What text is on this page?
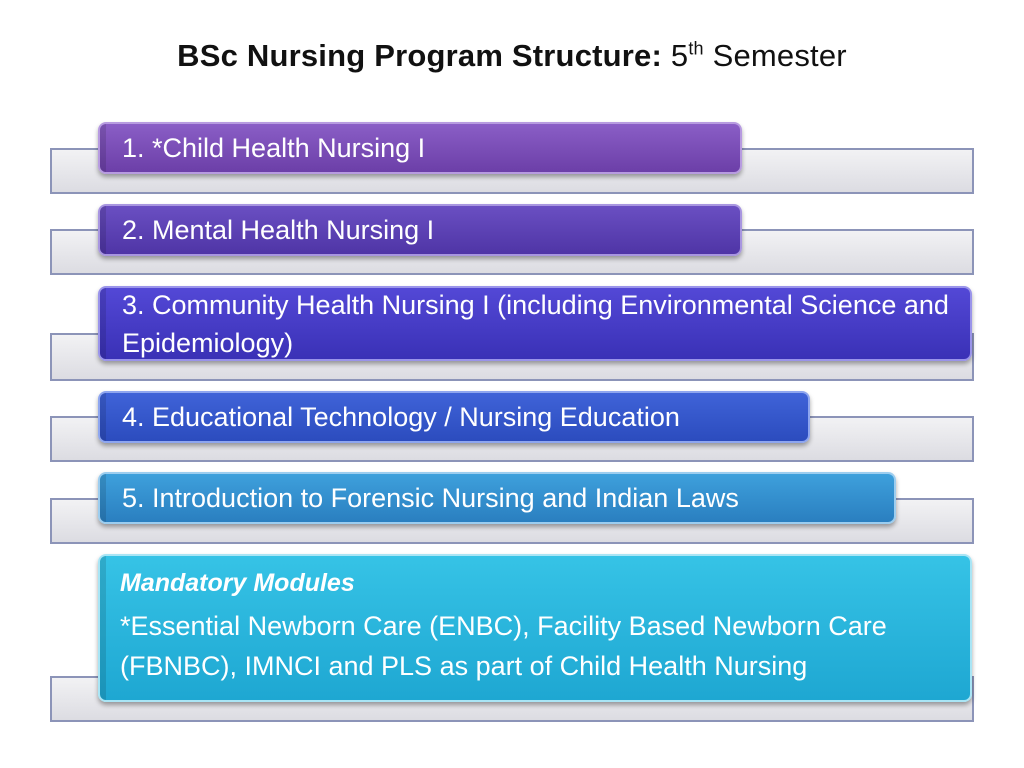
BSc Nursing Program Structure: 5th Semester
1. *Child Health Nursing I
2. Mental Health Nursing I
3. Community Health Nursing I (including Environmental Science and Epidemiology)
4. Educational Technology / Nursing Education
5. Introduction to Forensic Nursing and Indian Laws
Mandatory Modules
*Essential Newborn Care (ENBC), Facility Based Newborn Care (FBNBC), IMNCI and PLS as part of Child Health Nursing
